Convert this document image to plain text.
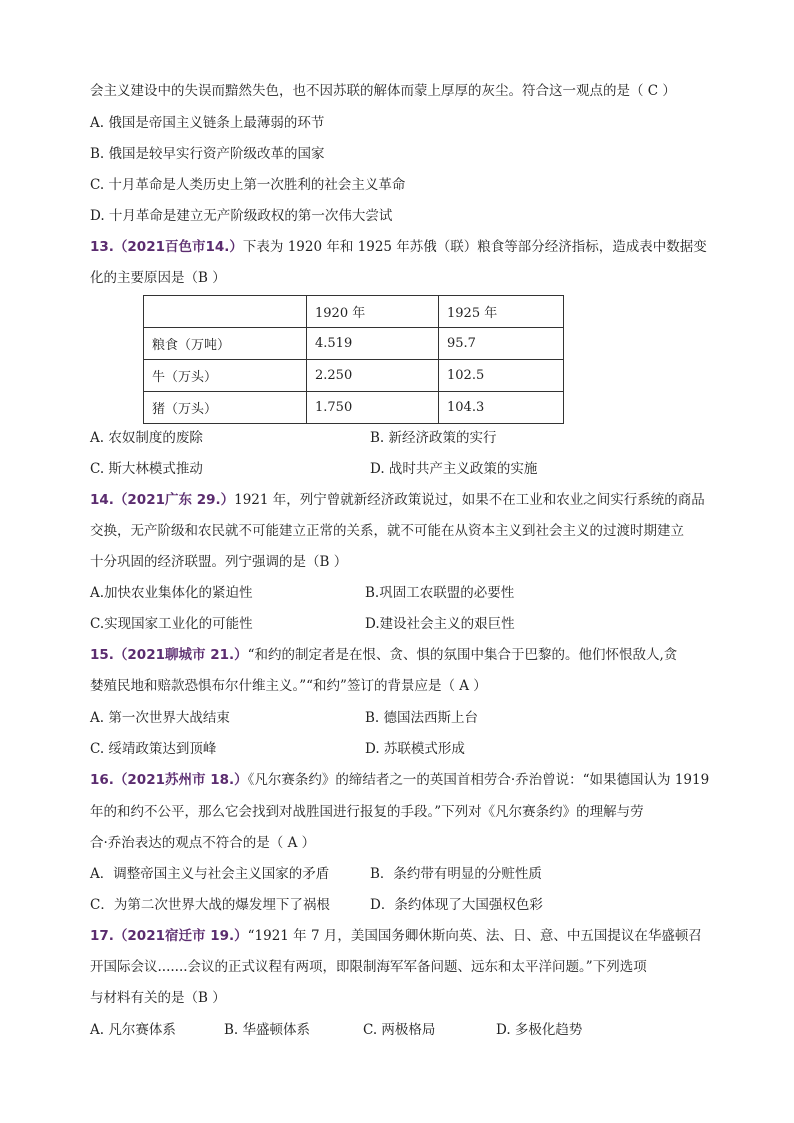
会主义建设中的失误而黯然失色，也不因苏联的解体而蒙上厚厚的灰尘。符合这一观点的是（ C ）
A. 俄国是帝国主义链条上最薄弱的环节
B. 俄国是较早实行资产阶级改革的国家
C. 十月革命是人类历史上第一次胜利的社会主义革命
D. 十月革命是建立无产阶级政权的第一次伟大尝试
13.（2021百色市14.）下表为 1920 年和 1925 年苏俄（联）粮食等部分经济指标，造成表中数据变
化的主要原因是（B ）
	1920 年	1925 年
粮食（万吨）	4.519	95.7
牛（万头）	2.250	102.5
猪（万头）	1.750	104.3
A. 农奴制度的废除	B. 新经济政策的实行
C. 斯大林模式推动	D. 战时共产主义政策的实施
14.（2021广东 29.）1921 年，列宁曾就新经济政策说过，如果不在工业和农业之间实行系统的商品
交换，无产阶级和农民就不可能建立正常的关系，就不可能在从资本主义到社会主义的过渡时期建立
十分巩固的经济联盟。列宁强调的是（B ）
A.加快农业集体化的紧迫性	B.巩固工农联盟的必要性
C.实现国家工业化的可能性	D.建设社会主义的艰巨性
15.（2021聊城市 21.）“和约的制定者是在恨、贪、惧的氛围中集合于巴黎的。他们怀恨敌人,贪
婪殖民地和赔款恐惧布尔什维主义。”“和约”签订的背景应是（ A ）
A. 第一次世界大战结束	B. 德国法西斯上台
C. 绥靖政策达到顶峰	D. 苏联模式形成
16.（2021苏州市 18.）《凡尔赛条约》的缔结者之一的英国首相劳合·乔治曾说：“如果德国认为 1919
年的和约不公平，那么它会找到对战胜国进行报复的手段。”下列对《凡尔赛条约》的理解与劳
合·乔治表达的观点不符合的是（ A ）
A．调整帝国主义与社会主义国家的矛盾	B．条约带有明显的分赃性质
C．为第二次世界大战的爆发埋下了祸根	D．条约体现了大国强权色彩
17.（2021宿迁市 19.）“1921 年 7 月，美国国务卿休斯向英、法、日、意、中五国提议在华盛顿召
开国际会议.......会议的正式议程有两项，即限制海军军备问题、远东和太平洋问题。”下列选项
与材料有关的是（B ）
A. 凡尔赛体系	B. 华盛顿体系	C. 两极格局	D. 多极化趋势
